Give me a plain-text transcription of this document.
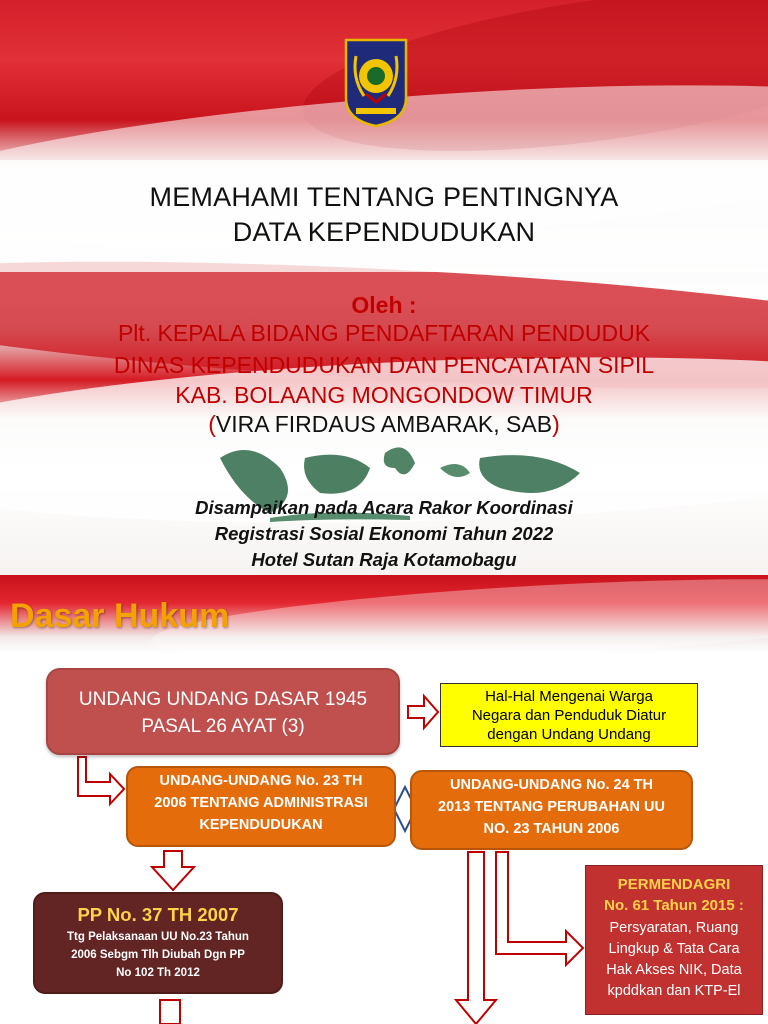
MEMAHAMI TENTANG PENTINGNYA
DATA KEPENDUDUKAN
Oleh :
Plt. KEPALA BIDANG PENDAFTARAN PENDUDUK
DINAS KEPENDUDUKAN DAN PENCATATAN SIPIL
KAB. BOLAANG MONGONDOW TIMUR
(VIRA FIRDAUS AMBARAK, SAB)
Disampaikan pada Acara Rakor Koordinasi
Registrasi Sosial Ekonomi Tahun 2022
Hotel Sutan Raja Kotamobagu
Dasar Hukum
UNDANG UNDANG DASAR 1945
PASAL 26 AYAT (3)
Hal-Hal Mengenai Warga
Negara dan Penduduk Diatur
dengan Undang Undang
UNDANG-UNDANG No. 23 TH
2006 TENTANG ADMINISTRASI
KEPENDUDUKAN
UNDANG-UNDANG No. 24 TH
2013 TENTANG PERUBAHAN UU
NO. 23 TAHUN 2006
PP No. 37 TH 2007
Ttg Pelaksanaan UU No.23 Tahun
2006 Sebgm Tlh Diubah Dgn PP
No 102 Th 2012
PERMENDAGRI
No. 61 Tahun 2015 :
Persyaratan, Ruang
Lingkup & Tata Cara
Hak Akses NIK, Data
kpddkan dan KTP-El
